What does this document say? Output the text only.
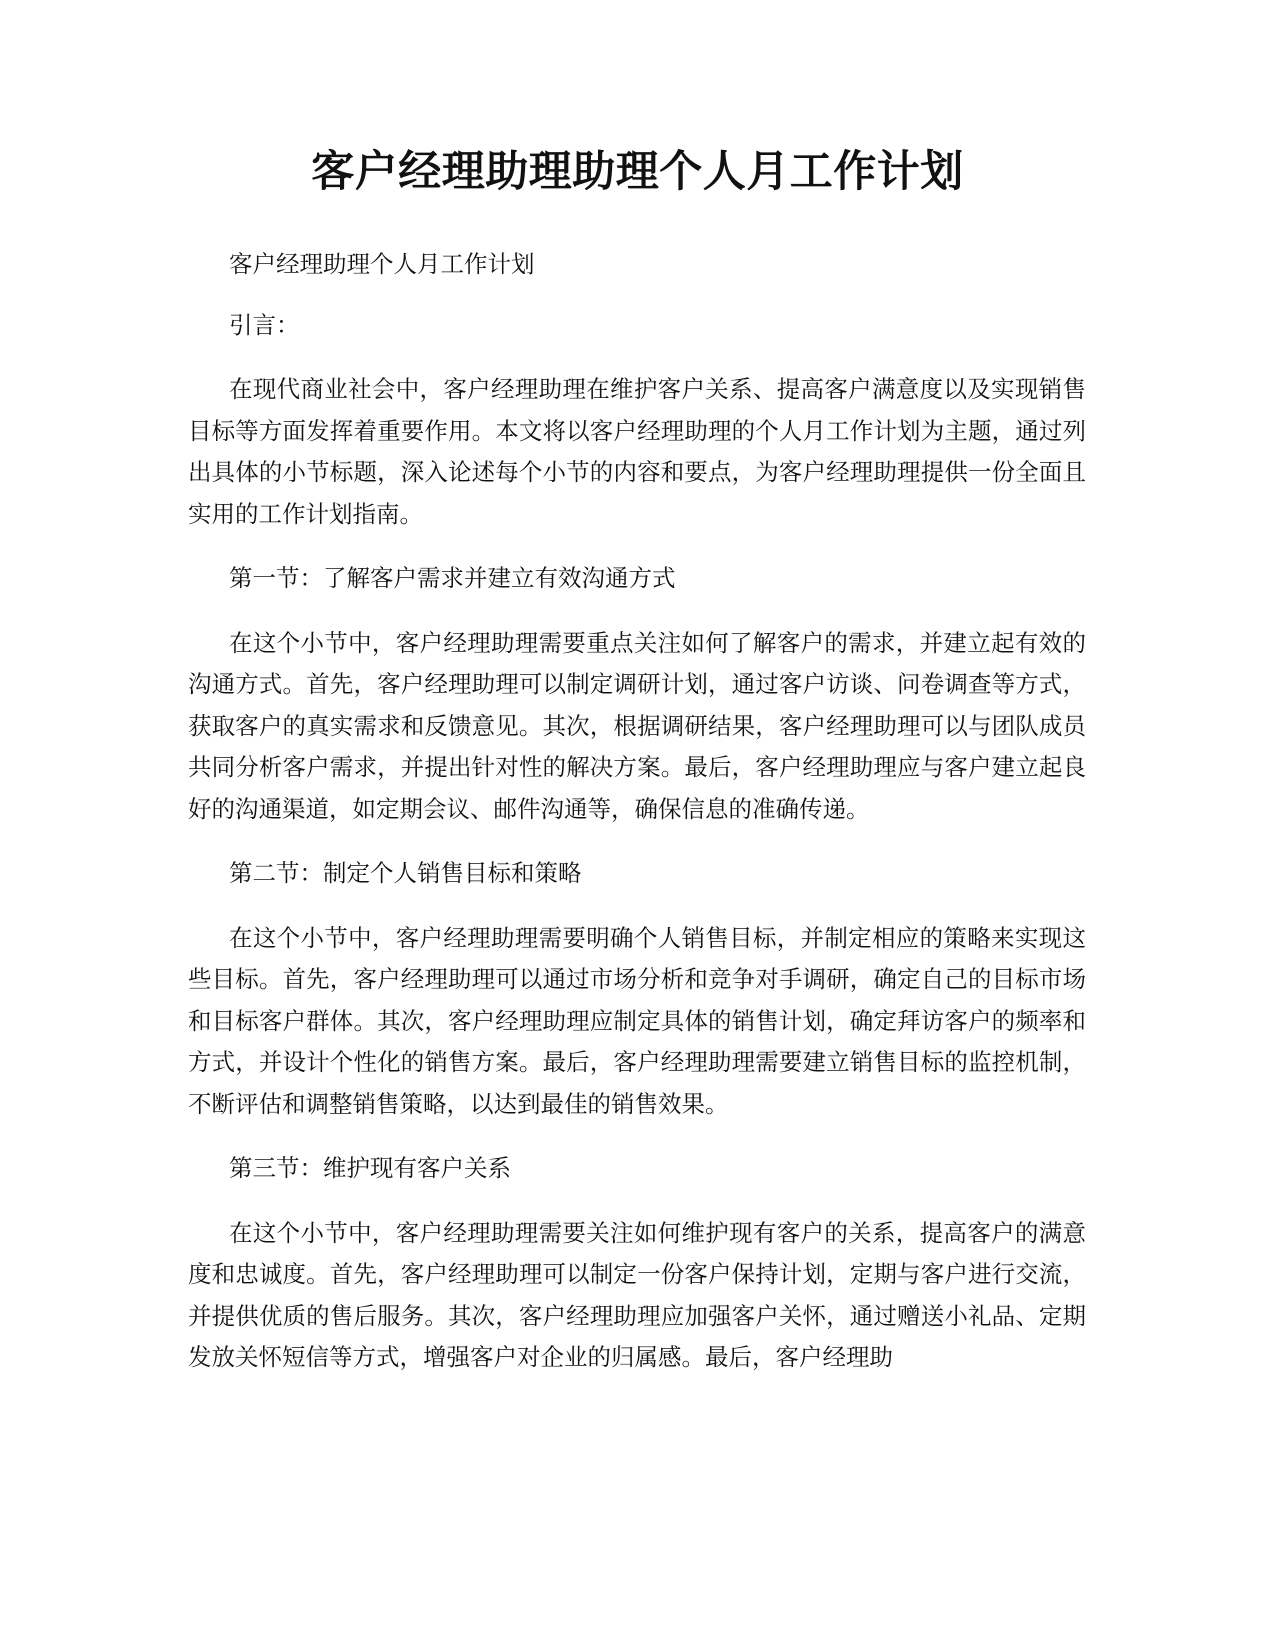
客户经理助理助理个人月工作计划

客户经理助理个人月工作计划

引言：

在现代商业社会中，客户经理助理在维护客户关系、提高客户满意度以及实现销售目标等方面发挥着重要作用。本文将以客户经理助理的个人月工作计划为主题，通过列出具体的小节标题，深入论述每个小节的内容和要点，为客户经理助理提供一份全面且实用的工作计划指南。

第一节：了解客户需求并建立有效沟通方式

在这个小节中，客户经理助理需要重点关注如何了解客户的需求，并建立起有效的沟通方式。首先，客户经理助理可以制定调研计划，通过客户访谈、问卷调查等方式，获取客户的真实需求和反馈意见。其次，根据调研结果，客户经理助理可以与团队成员共同分析客户需求，并提出针对性的解决方案。最后，客户经理助理应与客户建立起良好的沟通渠道，如定期会议、邮件沟通等，确保信息的准确传递。

第二节：制定个人销售目标和策略

在这个小节中，客户经理助理需要明确个人销售目标，并制定相应的策略来实现这些目标。首先，客户经理助理可以通过市场分析和竞争对手调研，确定自己的目标市场和目标客户群体。其次，客户经理助理应制定具体的销售计划，确定拜访客户的频率和方式，并设计个性化的销售方案。最后，客户经理助理需要建立销售目标的监控机制，不断评估和调整销售策略，以达到最佳的销售效果。

第三节：维护现有客户关系

在这个小节中，客户经理助理需要关注如何维护现有客户的关系，提高客户的满意度和忠诚度。首先，客户经理助理可以制定一份客户保持计划，定期与客户进行交流，并提供优质的售后服务。其次，客户经理助理应加强客户关怀，通过赠送小礼品、定期发放关怀短信等方式，增强客户对企业的归属感。最后，客户经理助
